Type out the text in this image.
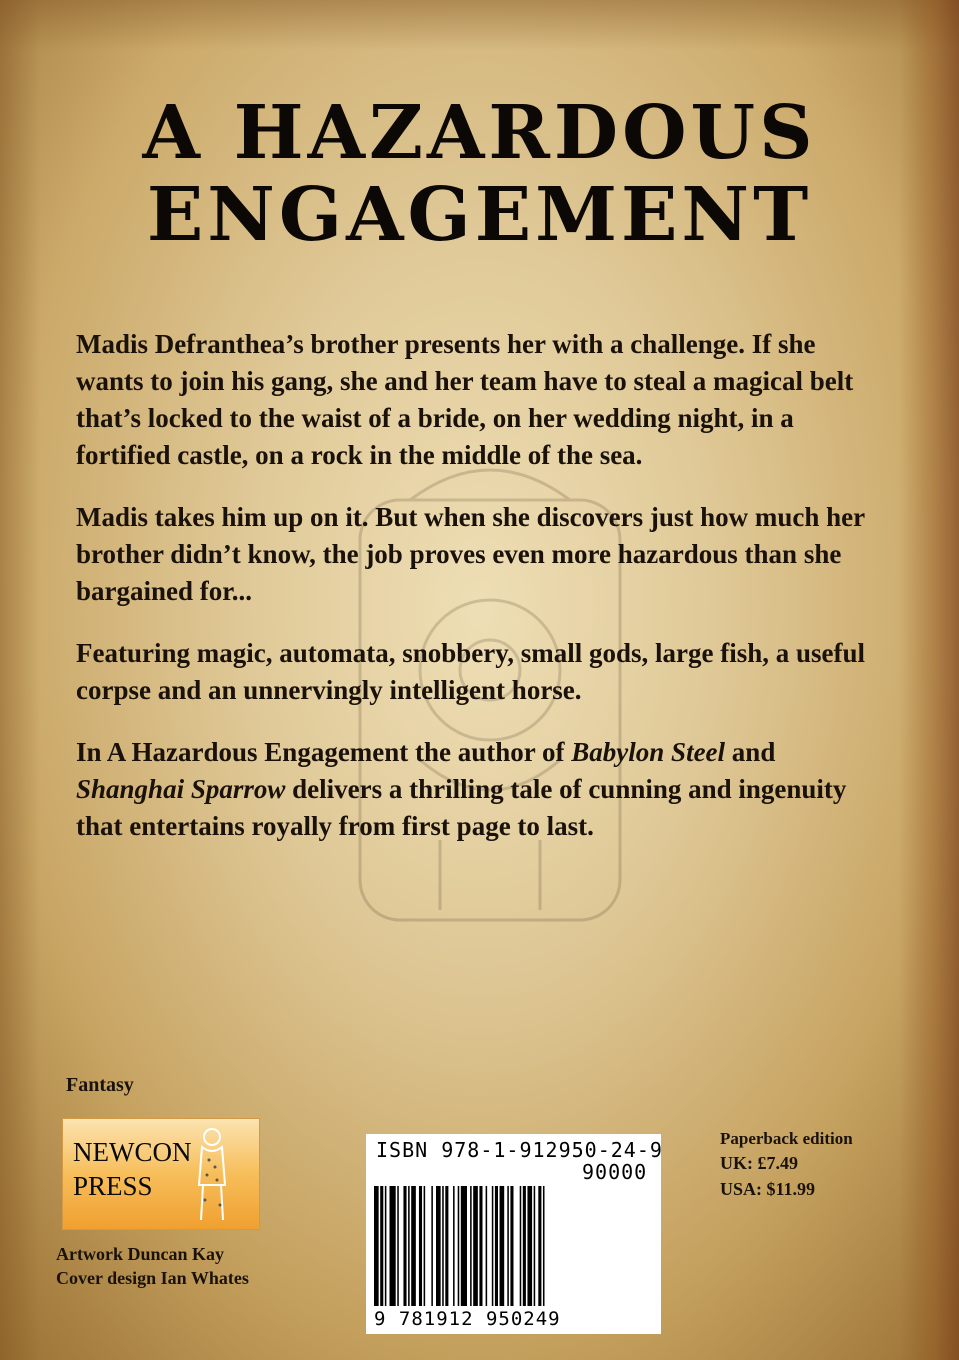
A HAZARDOUS
ENGAGEMENT

Madis Defranthea’s brother presents her with a challenge. If she wants to join his gang, she and her team have to steal a magical belt that’s locked to the waist of a bride, on her wedding night, in a fortified castle, on a rock in the middle of the sea.

Madis takes him up on it. But when she discovers just how much her brother didn’t know, the job proves even more hazardous than she bargained for...

Featuring magic, automata, snobbery, small gods, large fish, a useful corpse and an unnervingly intelligent horse.

In A Hazardous Engagement the author of Babylon Steel and Shanghai Sparrow delivers a thrilling tale of cunning and ingenuity that entertains royally from first page to last.

Fantasy
NEWCON
PRESS
Artwork Duncan Kay
Cover design Ian Whates
ISBN 978-1-912950-24-9
90000
9 781912 950249
Paperback edition
UK: £7.49
USA: $11.99
